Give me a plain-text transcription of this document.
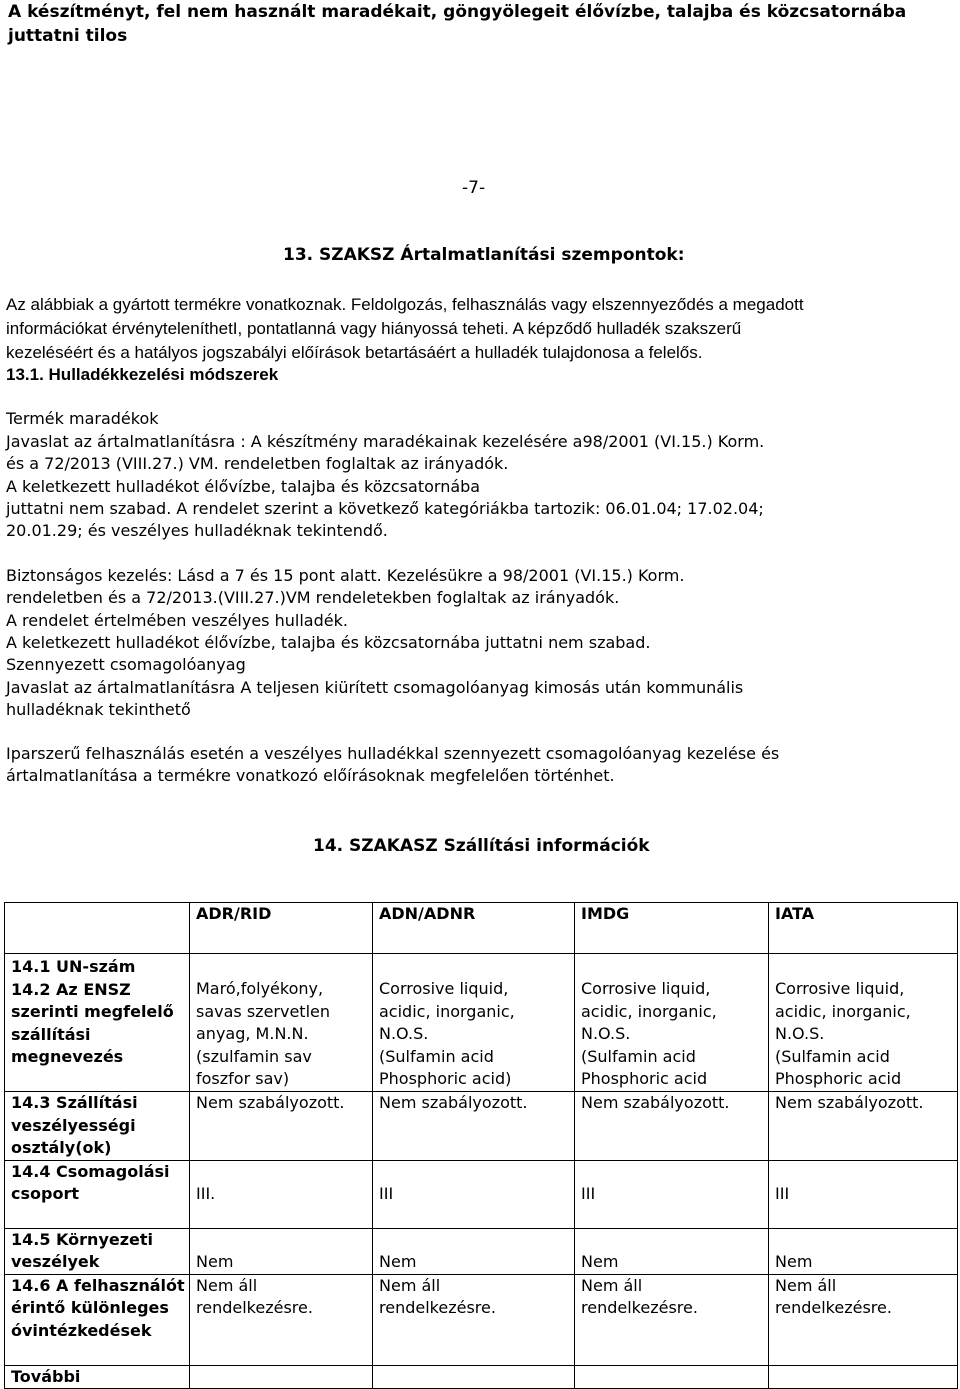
A készítményt, fel nem használt maradékait, göngyölegeit élővízbe, talajba és közcsatornába juttatni tilos
-7-
13. SZAKSZ Ártalmatlanítási szempontok:
Az alábbiak a gyártott termékre vonatkoznak. Feldolgozás, felhasználás vagy elszennyeződés a megadott
információkat érvényteleníthetI, pontatlanná vagy hiányossá teheti. A képződő hulladék szakszerű
kezeléséért és a hatályos jogszabályi előírások betartásáért a hulladék tulajdonosa a felelős.
13.1. Hulladékkezelési módszerek
Termék maradékok
Javaslat az ártalmatlanításra : A készítmény maradékainak kezelésére a98/2001 (VI.15.) Korm.
és a 72/2013 (VIII.27.) VM. rendeletben foglaltak az irányadók.
A keletkezett hulladékot élővízbe, talajba és közcsatornába
juttatni nem szabad. A rendelet szerint a következő kategóriákba tartozik: 06.01.04; 17.02.04;
20.01.29; és veszélyes hulladéknak tekintendő.
Biztonságos kezelés: Lásd a 7 és 15 pont alatt. Kezelésükre a 98/2001 (VI.15.) Korm.
rendeletben és a 72/2013.(VIII.27.)VM rendeletekben foglaltak az irányadók.
A rendelet értelmében veszélyes hulladék.
A keletkezett hulladékot élővízbe, talajba és közcsatornába juttatni nem szabad.
Szennyezett csomagolóanyag
Javaslat az ártalmatlanításra A teljesen kiürített csomagolóanyag kimosás után kommunális
hulladéknak tekinthető
Iparszerű felhasználás esetén a veszélyes hulladékkal szennyezett csomagolóanyag kezelése és
ártalmatlanítása a termékre vonatkozó előírásoknak megfelelően történhet.
14. SZAKASZ Szállítási információk
	ADR/RID	ADN/ADNR	IMDG	IATA
14.1 UN-szám
14.2 Az ENSZ szerinti megfelelő szállítási megnevezés	Maró,folyékony,
savas szervetlen
anyag, M.N.N.
(szulfamin sav
foszfor sav)	Corrosive liquid,
acidic, inorganic,
N.O.S.
(Sulfamin acid
Phosphoric acid)	Corrosive liquid,
acidic, inorganic,
N.O.S.
(Sulfamin acid
Phosphoric acid	Corrosive liquid,
acidic, inorganic,
N.O.S.
(Sulfamin acid
Phosphoric acid
14.3 Szállítási veszélyességi osztály(ok)	Nem szabályozott.	Nem szabályozott.	Nem szabályozott.	Nem szabályozott.
14.4 Csomagolási csoport	III.	III	III	III
14.5 Környezeti veszélyek	Nem	Nem	Nem	Nem
14.6 A felhasználót érintő különleges óvintézkedések	Nem áll
rendelkezésre.	Nem áll
rendelkezésre.	Nem áll
rendelkezésre.	Nem áll
rendelkezésre.
További				
